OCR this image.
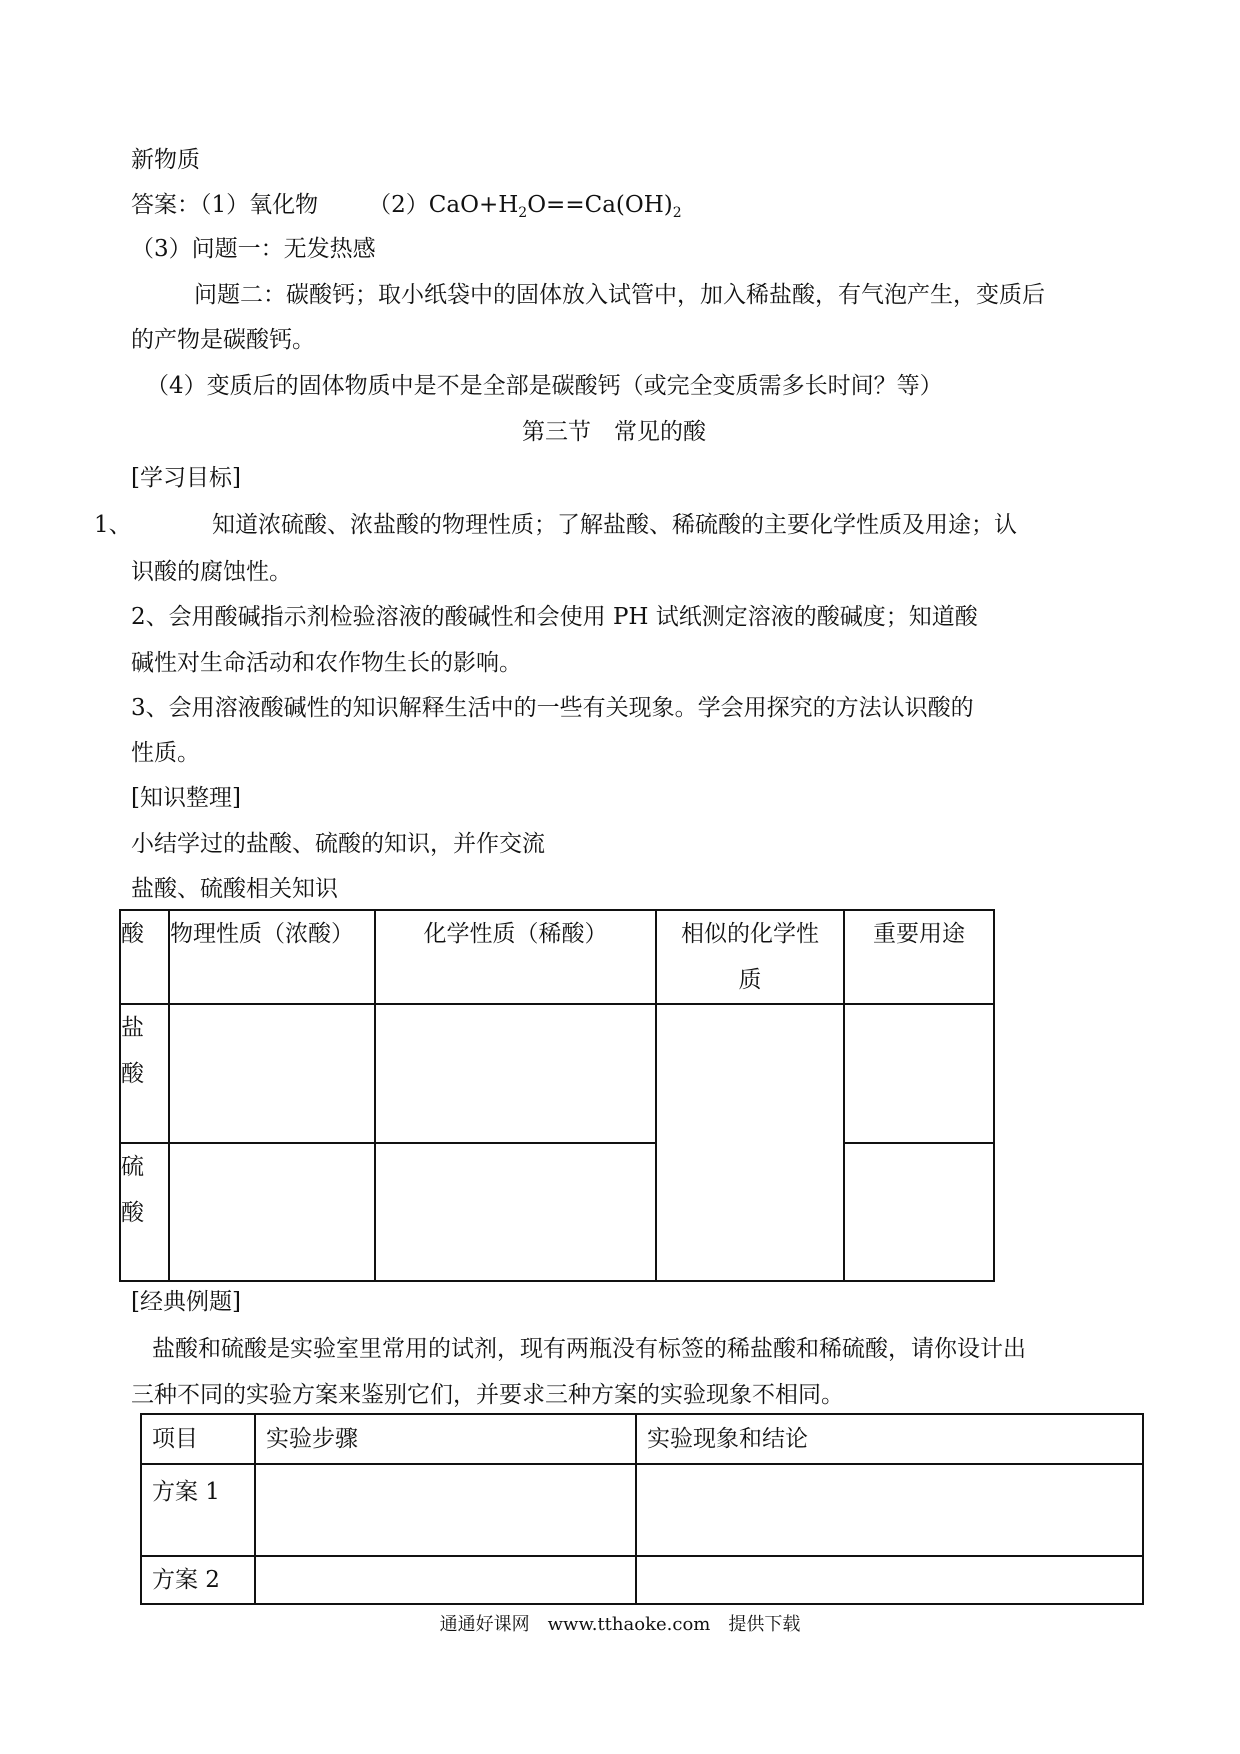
新物质
答案：（1）氧化物 $(2)CaO+H_2O==Ca(OH)_2$
（3）问题一：无发热感
问题二：碳酸钙；取小纸袋中的固体放入试管中，加入稀盐酸，有气泡产生，变质后
的产物是碳酸钙。
（4）变质后的固体物质中是不是全部是碳酸钙（或完全变质需多长时间？等）
第三节　常见的酸
[学习目标]
1、	知道浓硫酸、浓盐酸的物理性质；了解盐酸、稀硫酸的主要化学性质及用途；认
识酸的腐蚀性。
2、会用酸碱指示剂检验溶液的酸碱性和会使用 PH 试纸测定溶液的酸碱度；知道酸
碱性对生命活动和农作物生长的影响。
3、会用溶液酸碱性的知识解释生活中的一些有关现象。学会用探究的方法认识酸的
性质。
[知识整理]
小结学过的盐酸、硫酸的知识，并作交流
盐酸、硫酸相关知识
酸	物理性质（浓酸）	化学性质（稀酸）	相似的化学性
质	重要用途

盐
酸				

硫
酸				

[经典例题]
盐酸和硫酸是实验室里常用的试剂，现有两瓶没有标签的稀盐酸和稀硫酸，请你设计出
三种不同的实验方案来鉴别它们，并要求三种方案的实验现象不相同。
项目	实验步骤	实验现象和结论
方案 1		
方案 2		
通通好课网　www.tthaoke.com　提供下载
